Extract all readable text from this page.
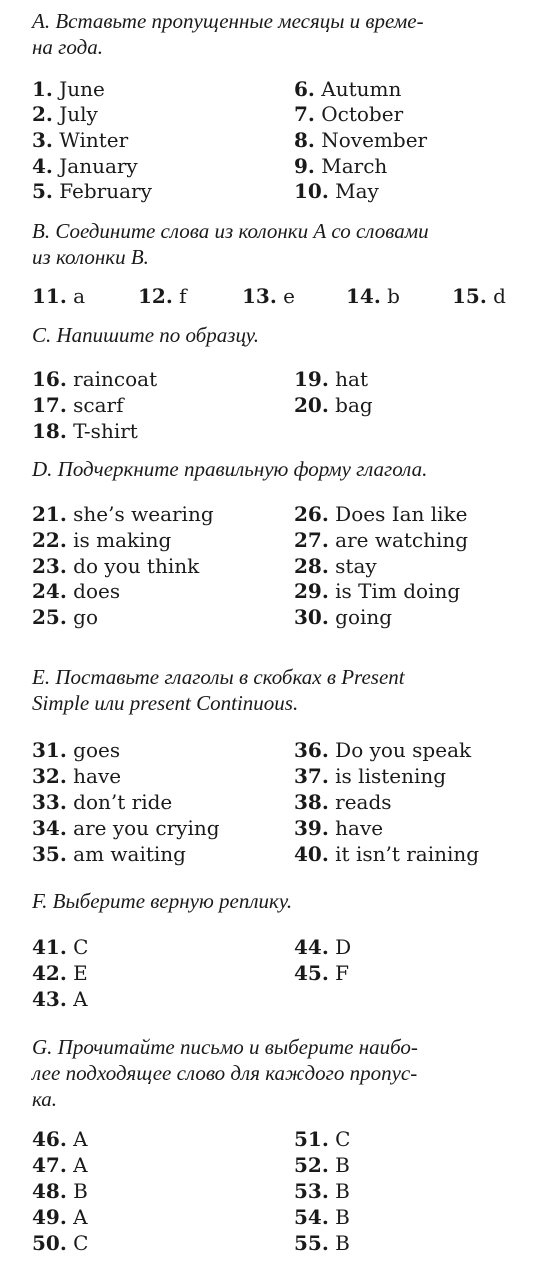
A. Вставьте пропущенные месяцы и време-
на года.

1. June
2. July
3. Winter
4. January
5. February
6. Autumn
7. October
8. November
9. March
10. May

B. Соедините слова из колонки А со словами
из колонки В.

11. a	12. f	13. e	14. b	15. d

C. Напишите по образцу.

16. raincoat
17. scarf
18. T-shirt
19. hat
20. bag

D. Подчеркните правильную форму глагола.

21. she’s wearing
22. is making
23. do you think
24. does
25. go
26. Does Ian like
27. are watching
28. stay
29. is Tim doing
30. going

E. Поставьте глаголы в скобках в Present
Simple или present Continuous.

31. goes
32. have
33. don’t ride
34. are you crying
35. am waiting
36. Do you speak
37. is listening
38. reads
39. have
40. it isn’t raining

F. Выберите верную реплику.

41. C
42. E
43. A
44. D
45. F

G. Прочитайте письмо и выберите наибо-
лее подходящее слово для каждого пропус-
ка.

46. A
47. A
48. B
49. A
50. C
51. C
52. B
53. B
54. B
55. B
